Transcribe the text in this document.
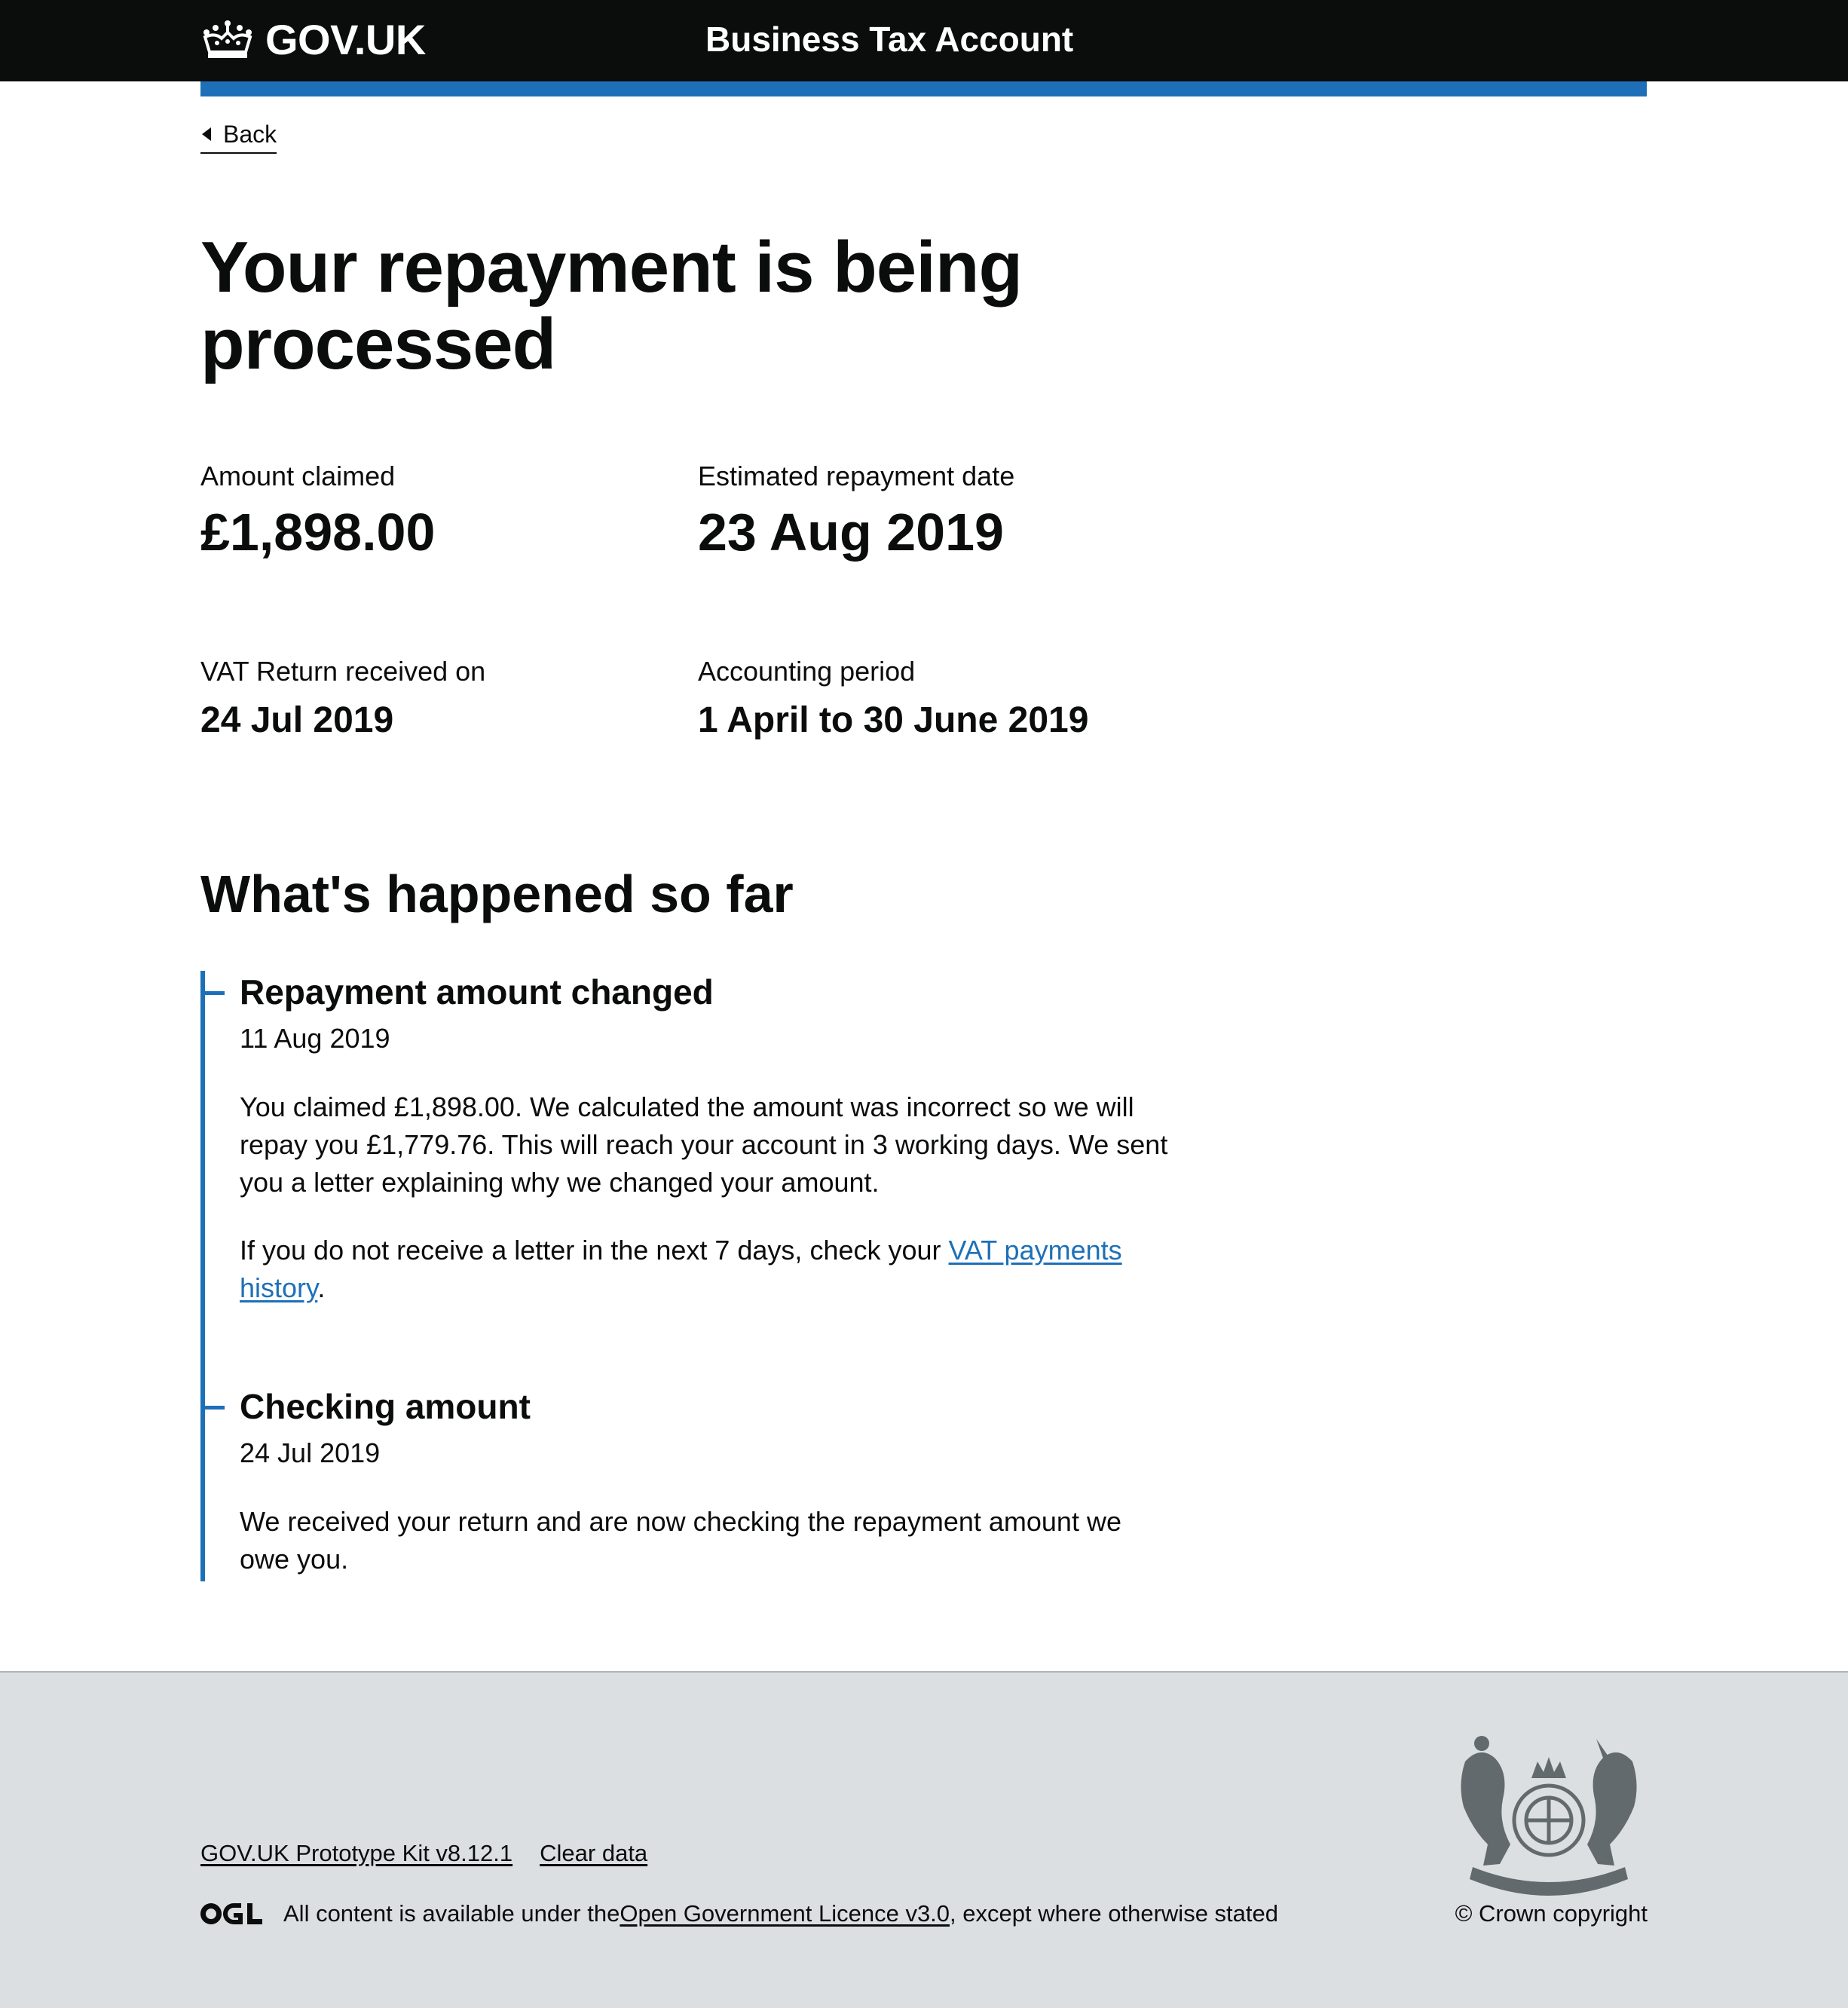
GOV.UK	Business Tax Account
Back
Your repayment is being processed

Amount claimed

£1,898.00

Estimated repayment date

23 Aug 2019

VAT Return received on

24 Jul 2019

Accounting period

1 April to 30 June 2019

What's happened so far
Repayment amount changed

11 Aug 2019

You claimed £1,898.00. We calculated the amount was incorrect so we will repay you £1,779.76. This will reach your account in 3 working days. We sent you a letter explaining why we changed your amount.

If you do not receive a letter in the next 7 days, check your VAT payments history.

Checking amount

24 Jul 2019

We received your return and are now checking the repayment amount we owe you.

GOV.UK Prototype Kit v8.12.1 Clear data
All content is available under the Open Government Licence v3.0 , except where otherwise stated	© Crown copyright
